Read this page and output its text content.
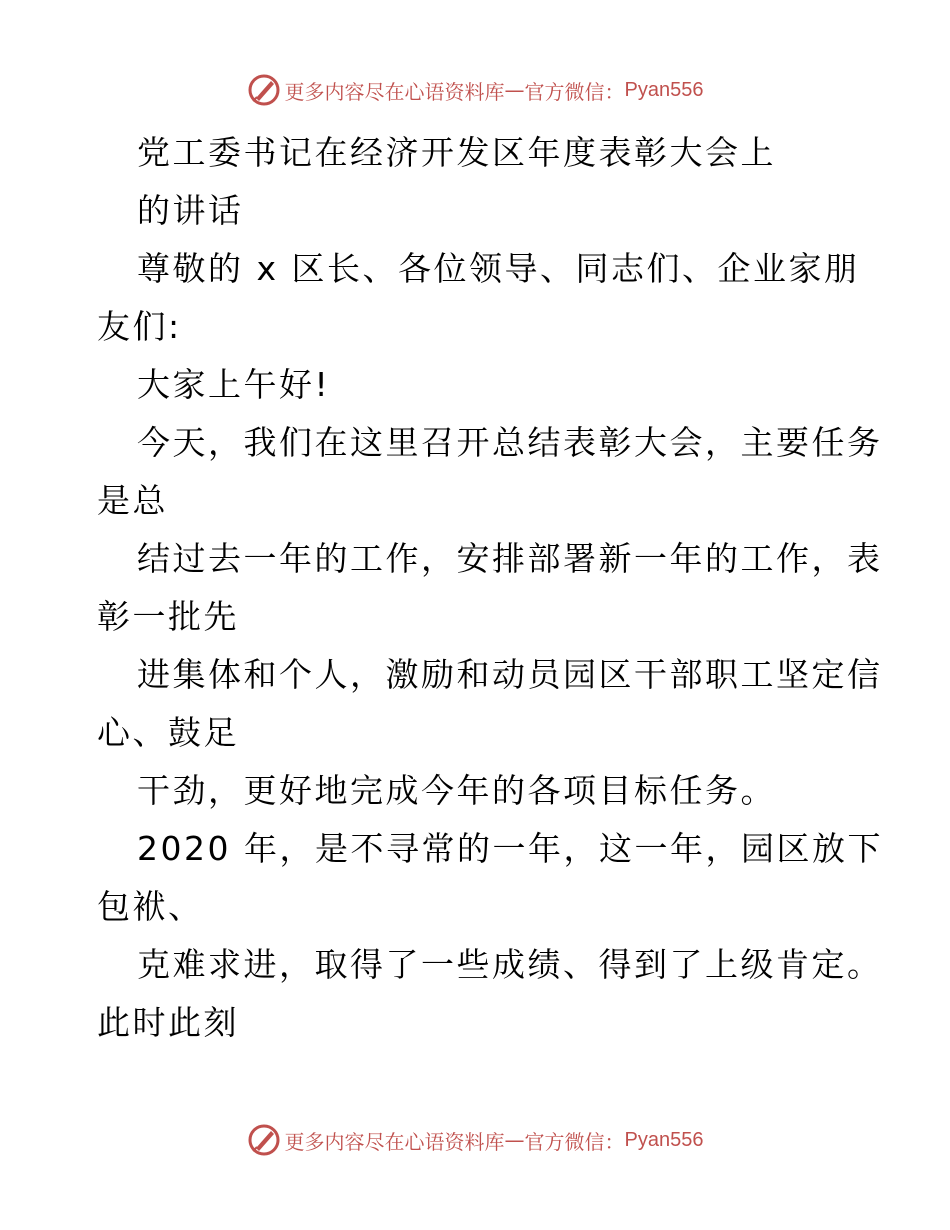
更多内容尽在心语资料库 — 官方微信： Pyan556
党工委书记在经济开发区年度表彰大会上
的讲话
尊敬的 x 区长、各位领导、同志们、企业家朋
友们:
大家上午好!
今天，我们在这里召开总结表彰大会，主要任务
是总
结过去一年的工作，安排部署新一年的工作，表
彰一批先
进集体和个人，激励和动员园区干部职工坚定信
心、鼓足
干劲，更好地完成今年的各项目标任务。
2020 年，是不寻常的一年，这一年，园区放下
包袱、
克难求进，取得了一些成绩、得到了上级肯定。
此时此刻
更多内容尽在心语资料库 — 官方微信： Pyan556
